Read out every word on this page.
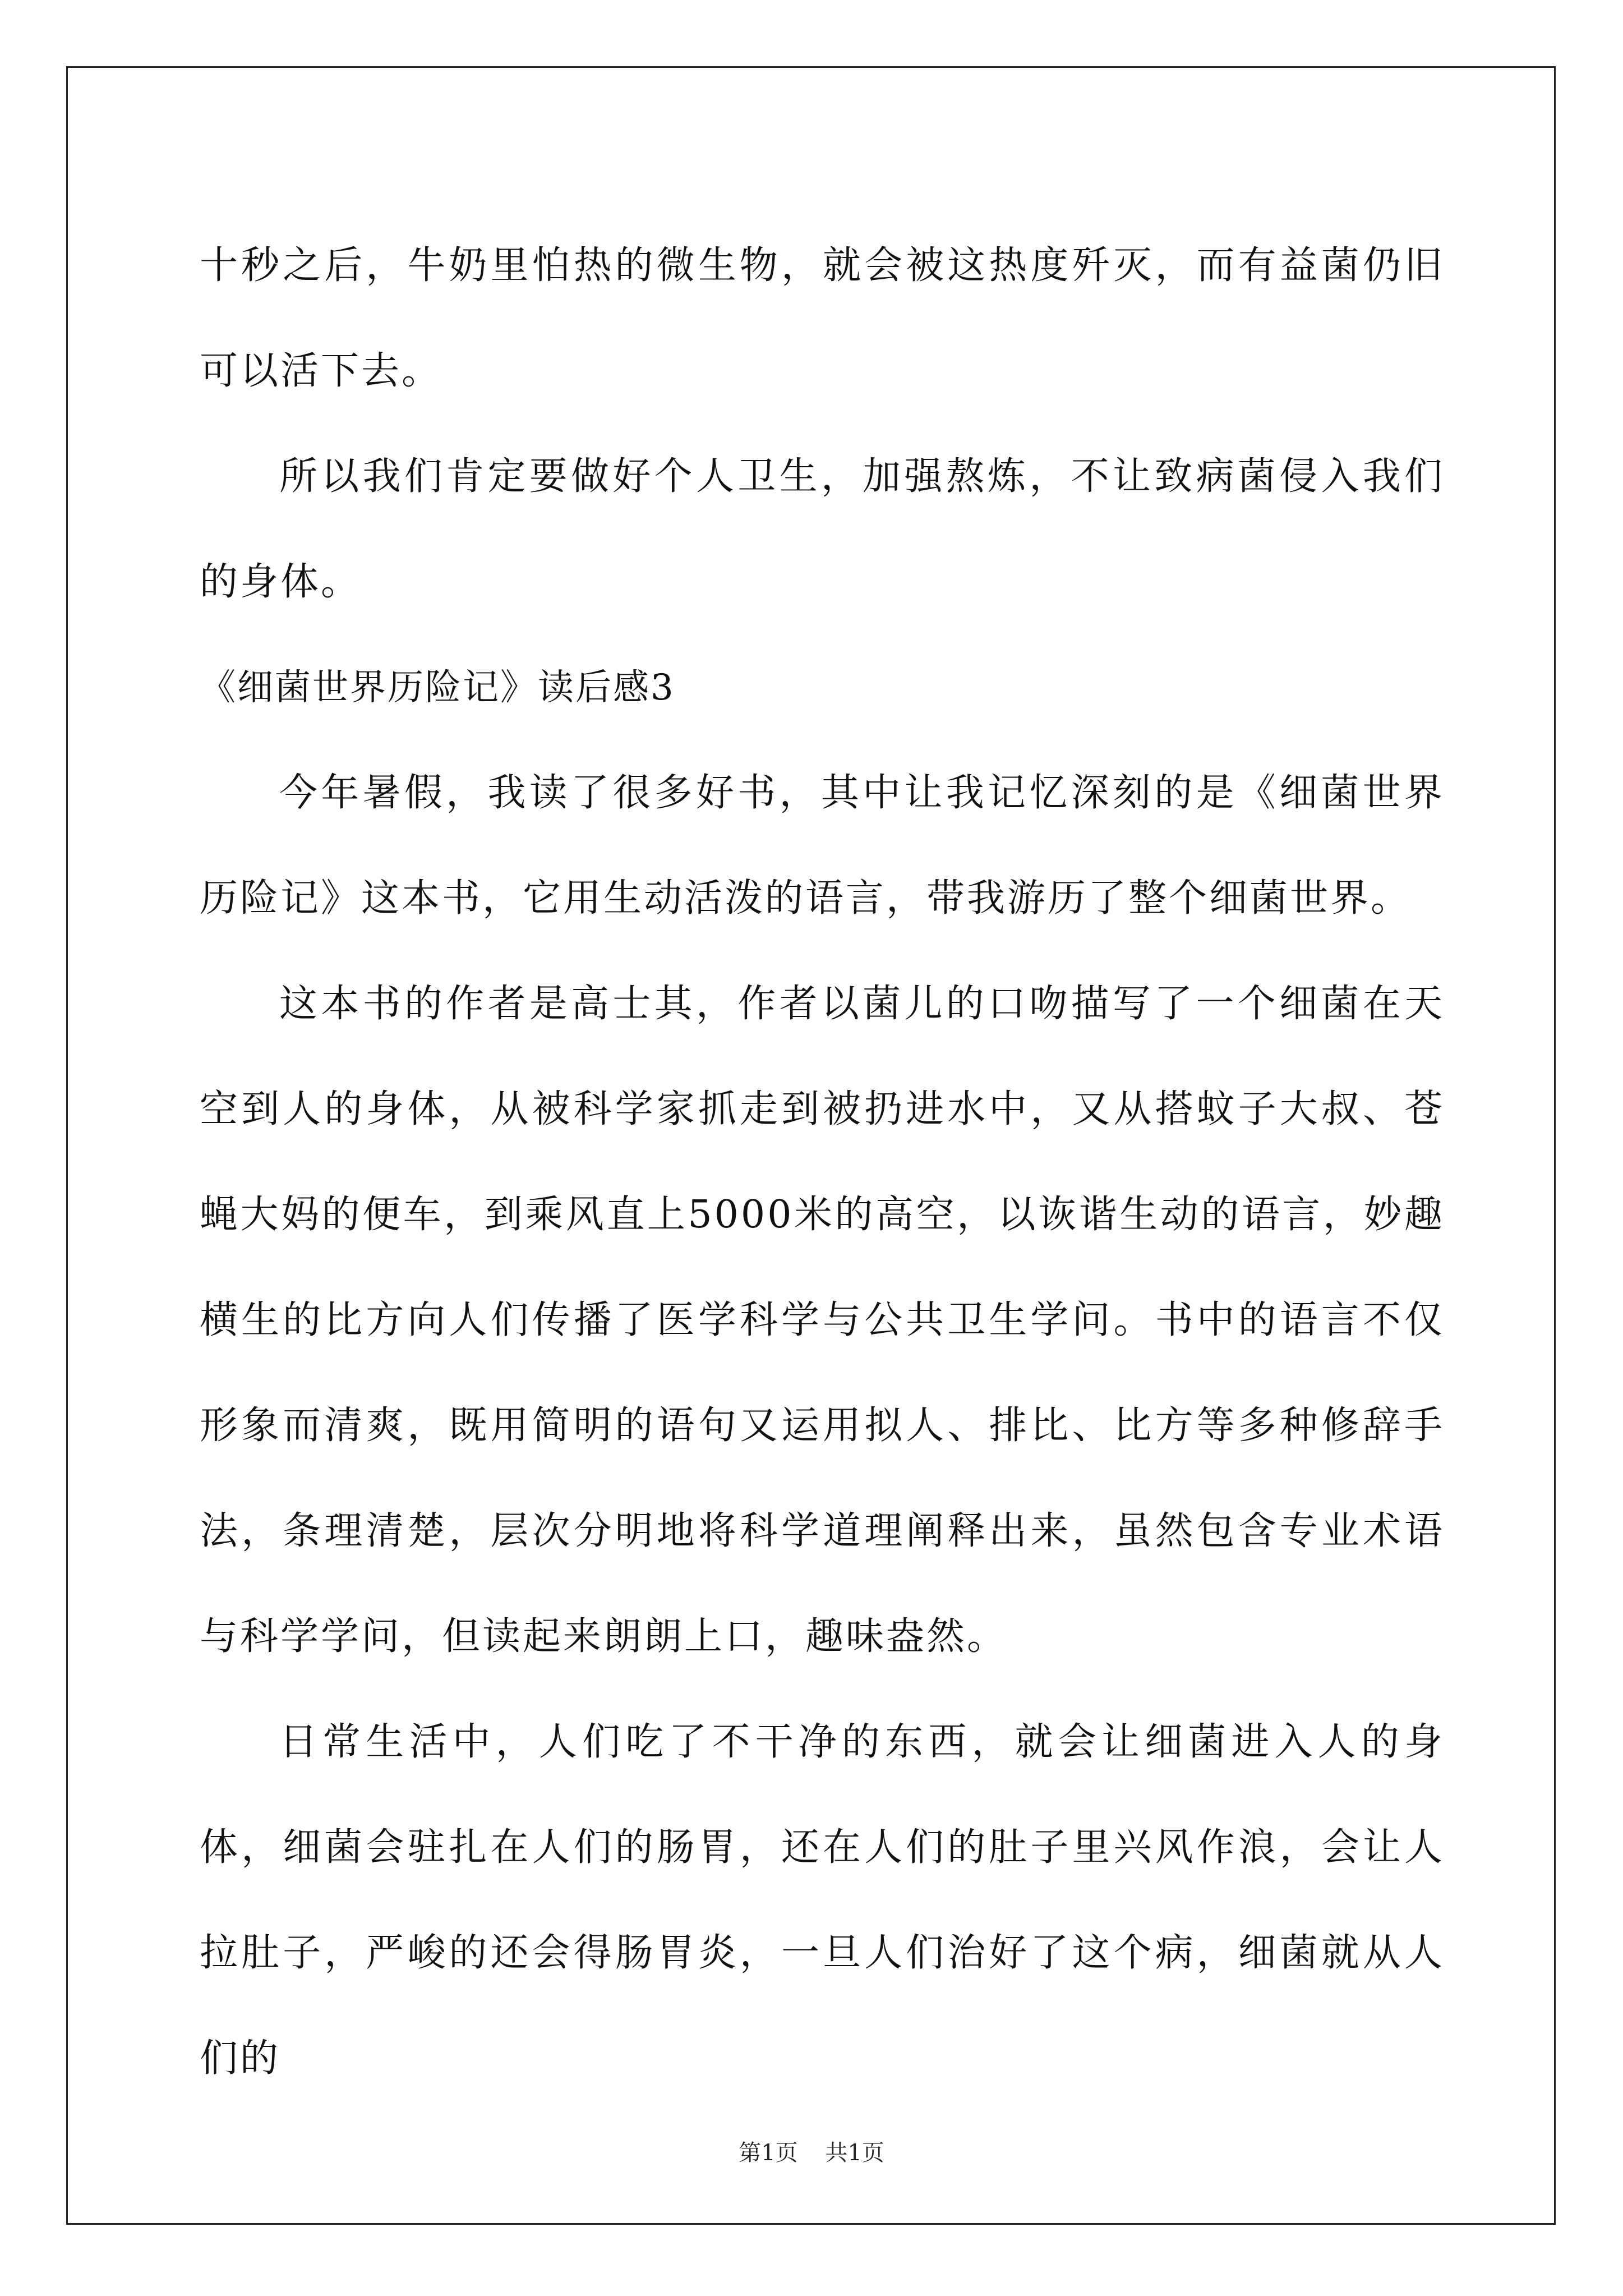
十秒之后，牛奶里怕热的微生物，就会被这热度歼灭，而有益菌仍旧可以活下去。

所以我们肯定要做好个人卫生，加强熬炼，不让致病菌侵入我们的身体。

《细菌世界历险记》读后感3

今年暑假，我读了很多好书，其中让我记忆深刻的是《细菌世界历险记》这本书，它用生动活泼的语言，带我游历了整个细菌世界。

这本书的作者是高士其，作者以菌儿的口吻描写了一个细菌在天空到人的身体，从被科学家抓走到被扔进水中，又从搭蚊子大叔、苍蝇大妈的便车，到乘风直上5000米的高空，以诙谐生动的语言，妙趣横生的比方向人们传播了医学科学与公共卫生学问。书中的语言不仅形象而清爽，既用简明的语句又运用拟人、排比、比方等多种修辞手法，条理清楚，层次分明地将科学道理阐释出来，虽然包含专业术语与科学学问，但读起来朗朗上口，趣味盎然。

日常生活中，人们吃了不干净的东西，就会让细菌进入人的身体，细菌会驻扎在人们的肠胃，还在人们的肚子里兴风作浪，会让人拉肚子，严峻的还会得肠胃炎，一旦人们治好了这个病，细菌就从人们的

第1页 共1页
